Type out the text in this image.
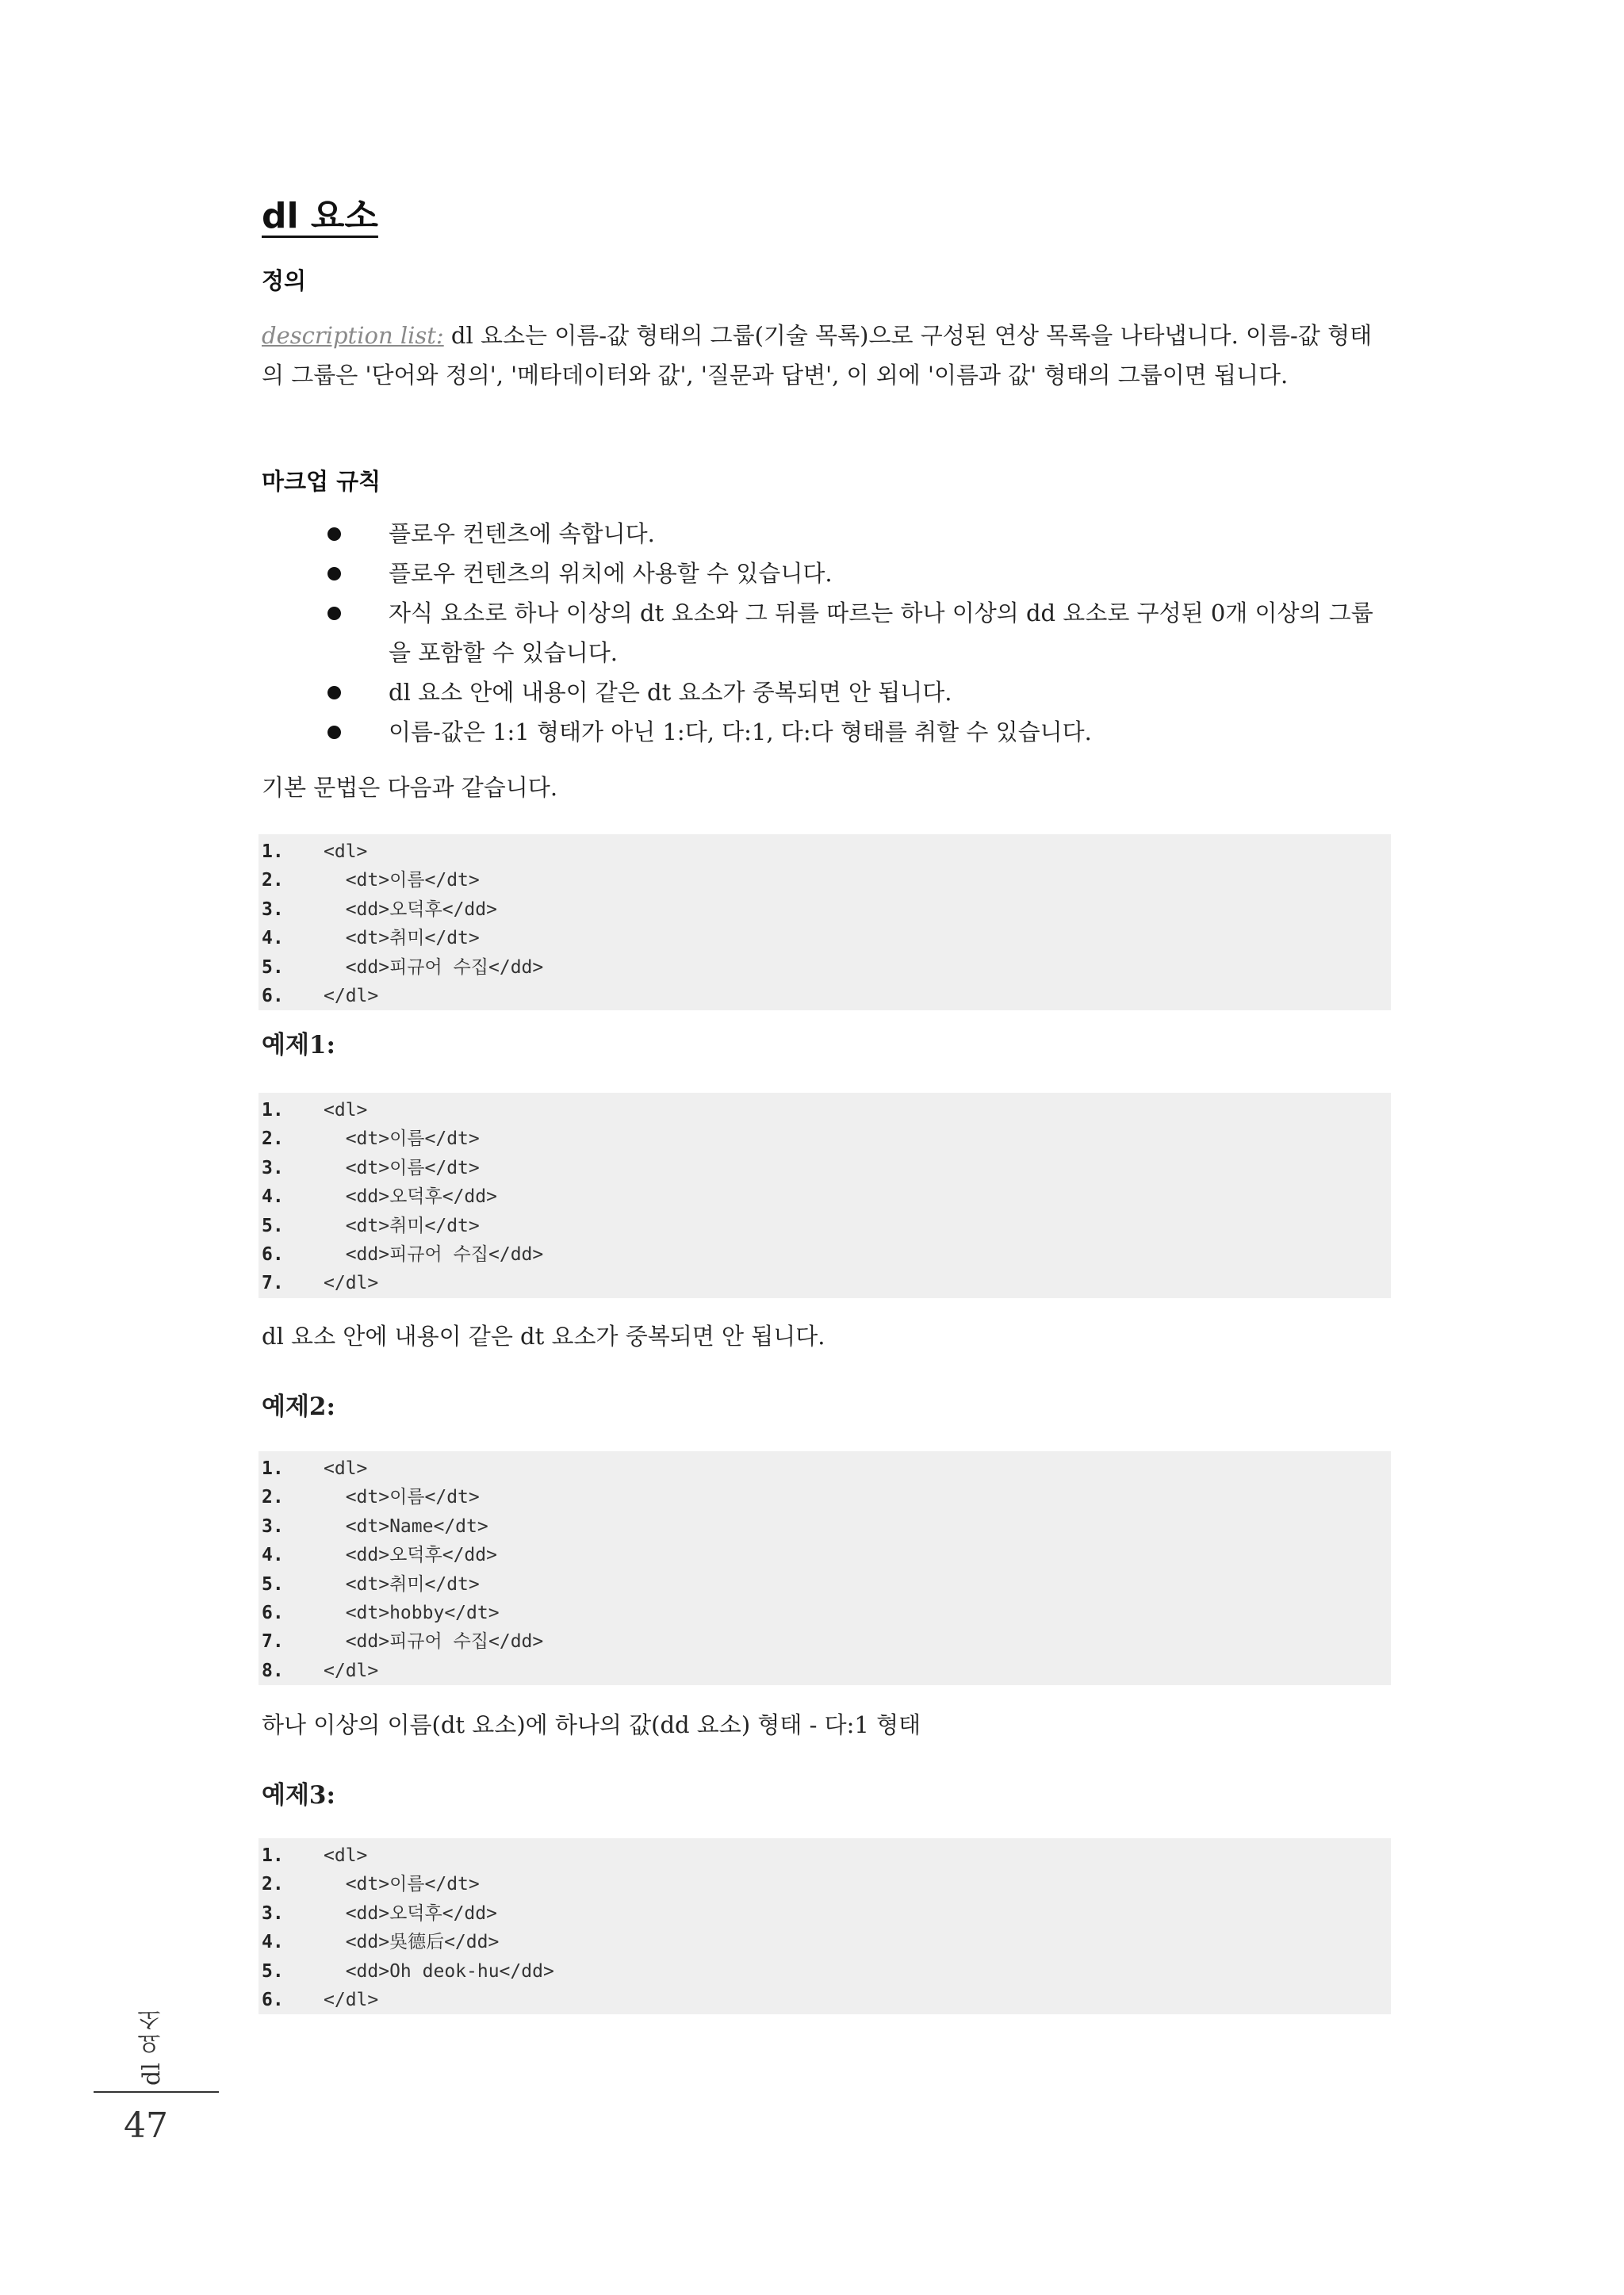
dl 요소
정의
description list: dl 요소는 이름-값 형태의 그룹(기술 목록)으로 구성된 연상 목록을 나타냅니다. 이름-값 형태의 그룹은 '단어와 정의', '메타데이터와 값', '질문과 답변', 이 외에 '이름과 값' 형태의 그룹이면 됩니다.
마크업 규칙
플로우 컨텐츠에 속합니다.
플로우 컨텐츠의 위치에 사용할 수 있습니다.
자식 요소로 하나 이상의 dt 요소와 그 뒤를 따르는 하나 이상의 dd 요소로 구성된 0개 이상의 그룹을 포함할 수 있습니다.
dl 요소 안에 내용이 같은 dt 요소가 중복되면 안 됩니다.
이름-값은 1:1 형태가 아닌 1:다, 다:1, 다:다 형태를 취할 수 있습니다.
기본 문법은 다음과 같습니다.
1. <dl>
2. <dt>이름</dt>
3. <dd>오덕후</dd>
4. <dt>취미</dt>
5. <dd>피규어 수집</dd>
6. </dl>
예제1:
1. <dl>
2. <dt>이름</dt>
3. <dt>이름</dt>
4. <dd>오덕후</dd>
5. <dt>취미</dt>
6. <dd>피규어 수집</dd>
7. </dl>
dl 요소 안에 내용이 같은 dt 요소가 중복되면 안 됩니다.
예제2:
1. <dl>
2. <dt>이름</dt>
3. <dt>Name</dt>
4. <dd>오덕후</dd>
5. <dt>취미</dt>
6. <dt>hobby</dt>
7. <dd>피규어 수집</dd>
8. </dl>
하나 이상의 이름(dt 요소)에 하나의 값(dd 요소) 형태 - 다:1 형태
예제3:
1. <dl>
2. <dt>이름</dt>
3. <dd>오덕후</dd>
4. <dd>吳德后</dd>
5. <dd>Oh deok-hu</dd>
6. </dl>
dl 요소
47
